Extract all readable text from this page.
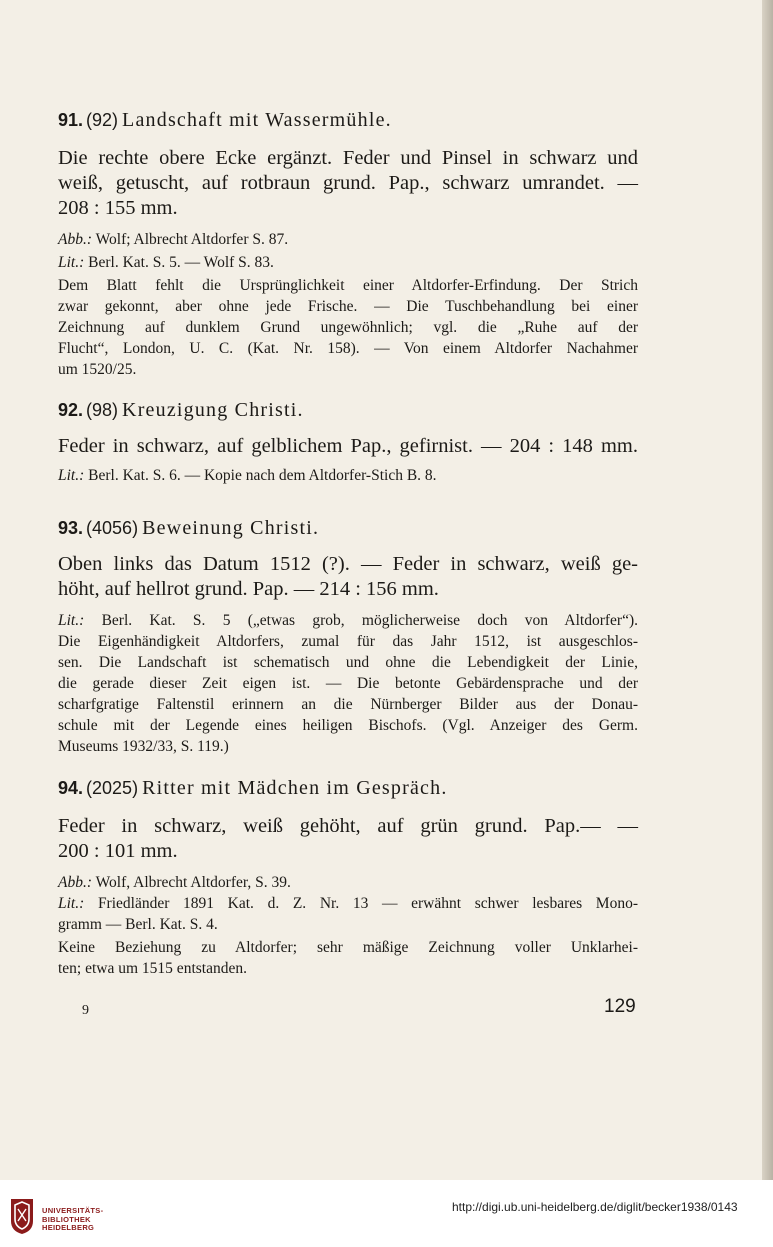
91. (92) Landschaft mit Wassermühle.
Die rechte obere Ecke ergänzt. Feder und Pinsel in schwarz und
weiß, getuscht, auf rotbraun grund. Pap., schwarz umrandet. —
208 : 155 mm.
Abb.: Wolf; Albrecht Altdorfer S. 87.
Lit.: Berl. Kat. S. 5. — Wolf S. 83.
Dem Blatt fehlt die Ursprünglichkeit einer Altdorfer-Erfindung. Der Strich
zwar gekonnt, aber ohne jede Frische. — Die Tuschbehandlung bei einer
Zeichnung auf dunklem Grund ungewöhnlich; vgl. die „Ruhe auf der
Flucht“, London, U. C. (Kat. Nr. 158). — Von einem Altdorfer Nachahmer
um 1520/25.
92. (98) Kreuzigung Christi.
Feder in schwarz, auf gelblichem Pap., gefirnist. — 204 : 148 mm.
Lit.: Berl. Kat. S. 6. — Kopie nach dem Altdorfer-Stich B. 8.
93. (4056) Beweinung Christi.
Oben links das Datum 1512 (?). — Feder in schwarz, weiß ge-
höht, auf hellrot grund. Pap. — 214 : 156 mm.
Lit.: Berl. Kat. S. 5 („etwas grob, möglicherweise doch von Altdorfer“).
Die Eigenhändigkeit Altdorfers, zumal für das Jahr 1512, ist ausgeschlos-
sen. Die Landschaft ist schematisch und ohne die Lebendigkeit der Linie,
die gerade dieser Zeit eigen ist. — Die betonte Gebärdensprache und der
scharfgratige Faltenstil erinnern an die Nürnberger Bilder aus der Donau-
schule mit der Legende eines heiligen Bischofs. (Vgl. Anzeiger des Germ.
Museums 1932/33, S. 119.)
94. (2025) Ritter mit Mädchen im Gespräch.
Feder in schwarz, weiß gehöht, auf grün grund. Pap.— —
200 : 101 mm.
Abb.: Wolf, Albrecht Altdorfer, S. 39.
Lit.: Friedländer 1891 Kat. d. Z. Nr. 13 — erwähnt schwer lesbares Mono-
gramm — Berl. Kat. S. 4.
Keine Beziehung zu Altdorfer; sehr mäßige Zeichnung voller Unklarhei-
ten; etwa um 1515 entstanden.
9	129
UNIVERSITÄTS-
BIBLIOTHEK
HEIDELBERG
http://digi.ub.uni-heidelberg.de/diglit/becker1938/0143
